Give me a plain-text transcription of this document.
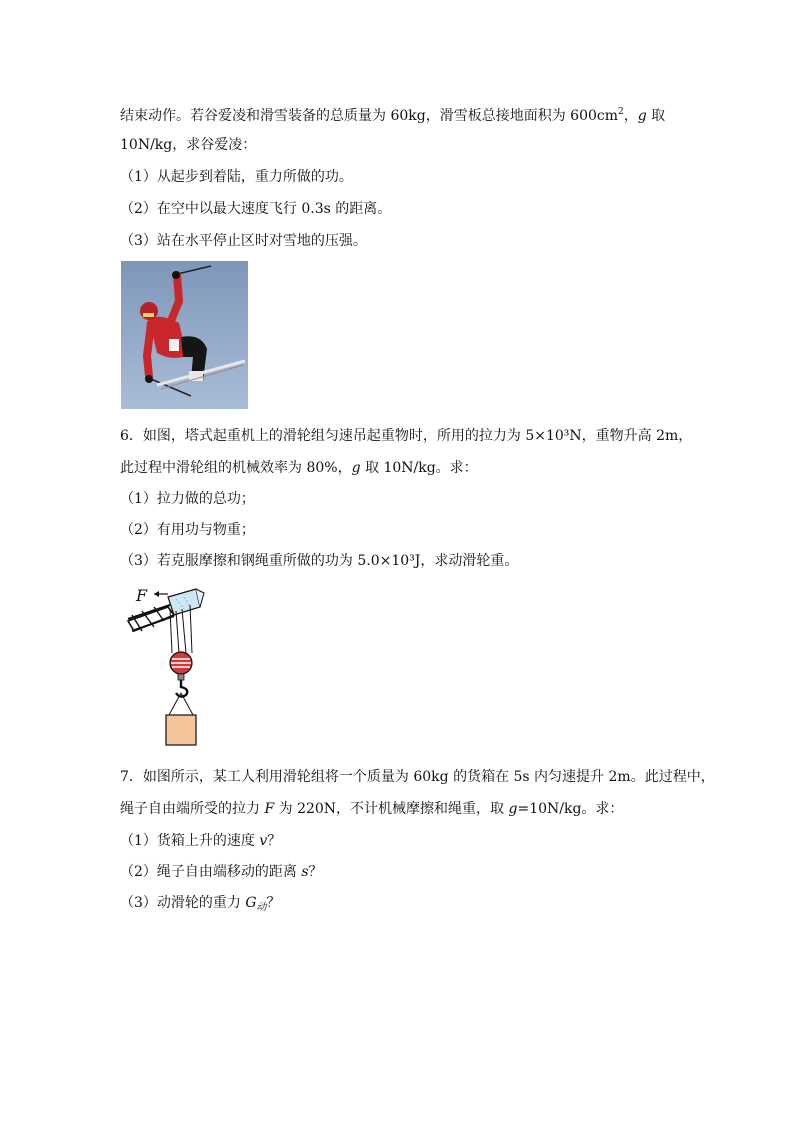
结束动作。若谷爱凌和滑雪装备的总质量为 60kg，滑雪板总接地面积为 $600cm^2$，g 取
10N/kg，求谷爱凌：
（1）从起步到着陆，重力所做的功。
（2）在空中以最大速度飞行 0.3s 的距离。
（3）站在水平停止区时对雪地的压强。
6．如图，塔式起重机上的滑轮组匀速吊起重物时，所用的拉力为 5×10³N，重物升高 2m，
此过程中滑轮组的机械效率为 80%，g 取 10N/kg。求：
（1）拉力做的总功；
（2）有用功与物重；
（3）若克服摩擦和钢绳重所做的功为 5.0×10³J，求动滑轮重。
F
7．如图所示，某工人利用滑轮组将一个质量为 60kg 的货箱在 5s 内匀速提升 2m。此过程中，
绳子自由端所受的拉力 F 为 220N，不计机械摩擦和绳重，取 g=10N/kg。求：
（1）货箱上升的速度 v？
（2）绳子自由端移动的距离 s？
（3）动滑轮的重力 $G_动$？
